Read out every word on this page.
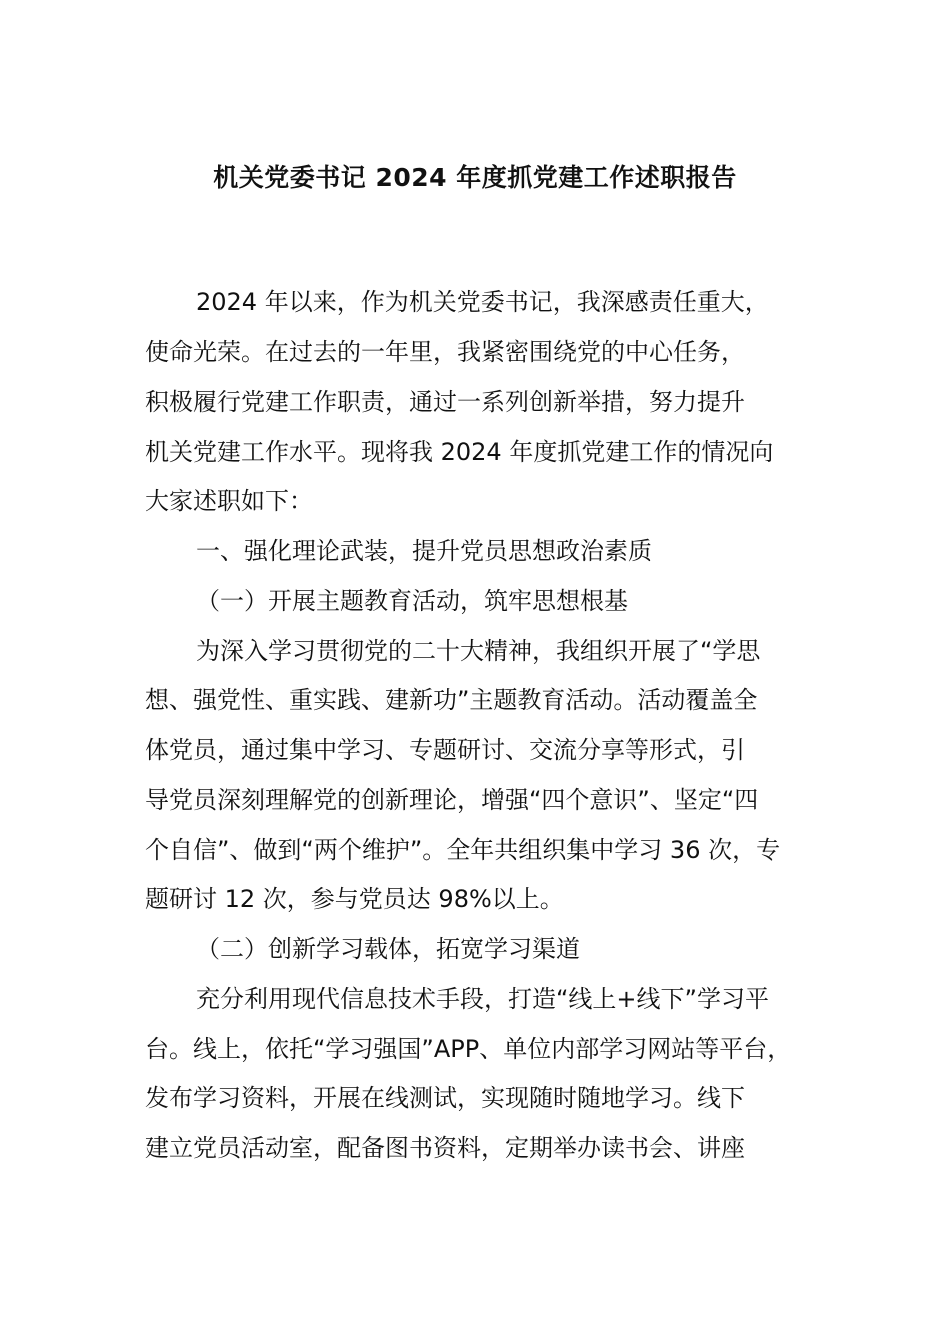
机关党委书记 2024 年度抓党建工作述职报告
2024 年以来，作为机关党委书记，我深感责任重大，
使命光荣。在过去的一年里，我紧密围绕党的中心任务，
积极履行党建工作职责，通过一系列创新举措，努力提升
机关党建工作水平。现将我 2024 年度抓党建工作的情况向
大家述职如下：
一、强化理论武装，提升党员思想政治素质
（一）开展主题教育活动，筑牢思想根基
为深入学习贯彻党的二十大精神，我组织开展了“学思
想、强党性、重实践、建新功”主题教育活动。活动覆盖全
体党员，通过集中学习、专题研讨、交流分享等形式，引
导党员深刻理解党的创新理论，增强“四个意识”、坚定“四
个自信”、做到“两个维护”。全年共组织集中学习 36 次，专
题研讨 12 次，参与党员达 98%以上。
（二）创新学习载体，拓宽学习渠道
充分利用现代信息技术手段，打造“线上+线下”学习平
台。线上，依托“学习强国”APP、单位内部学习网站等平台，
发布学习资料，开展在线测试，实现随时随地学习。线下
建立党员活动室，配备图书资料，定期举办读书会、讲座
